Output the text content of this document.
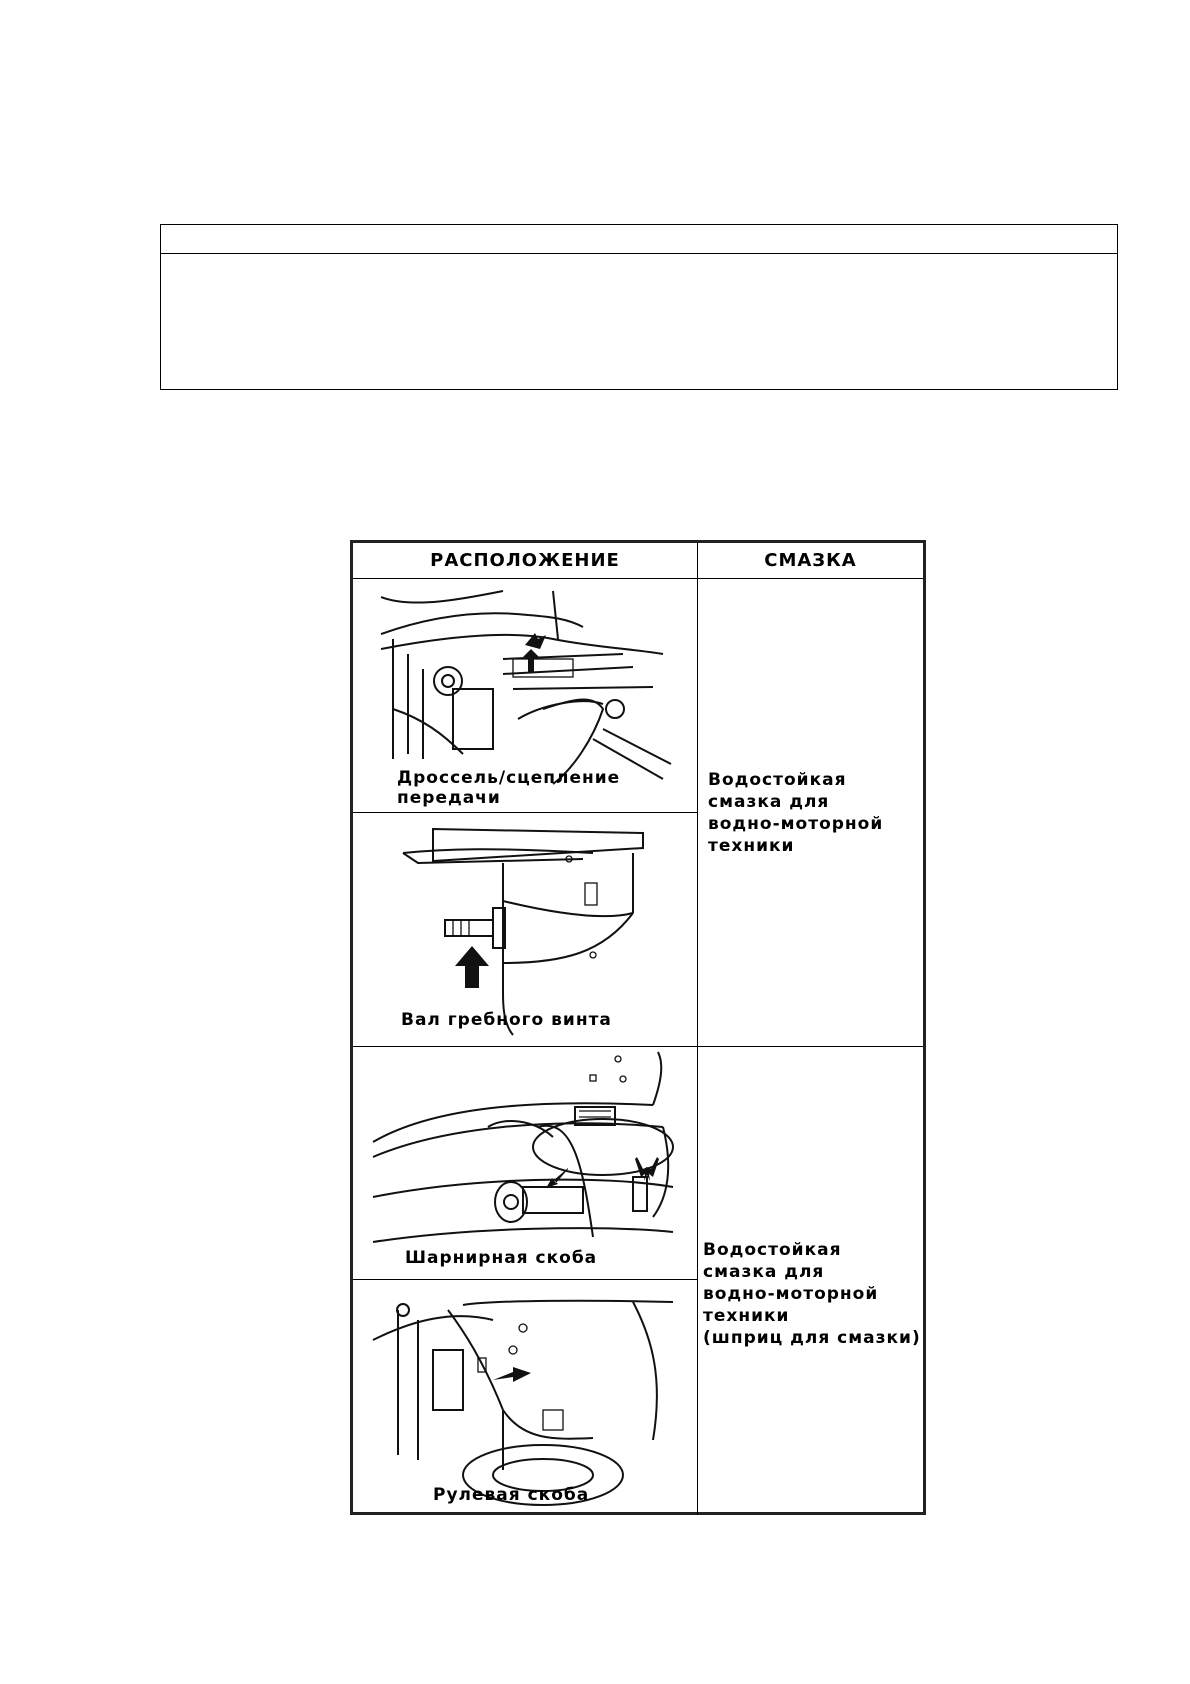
РАСПОЛОЖЕНИЕ	СМАЗКА
Дроссель/сцепление
передачи
Вал гребного винта
Шарнирная скоба
Рулевая скоба
Водостойкая
смазка для
водно-моторной
техники
Водостойкая
смазка для
водно-моторной
техники
(шприц для смазки)
